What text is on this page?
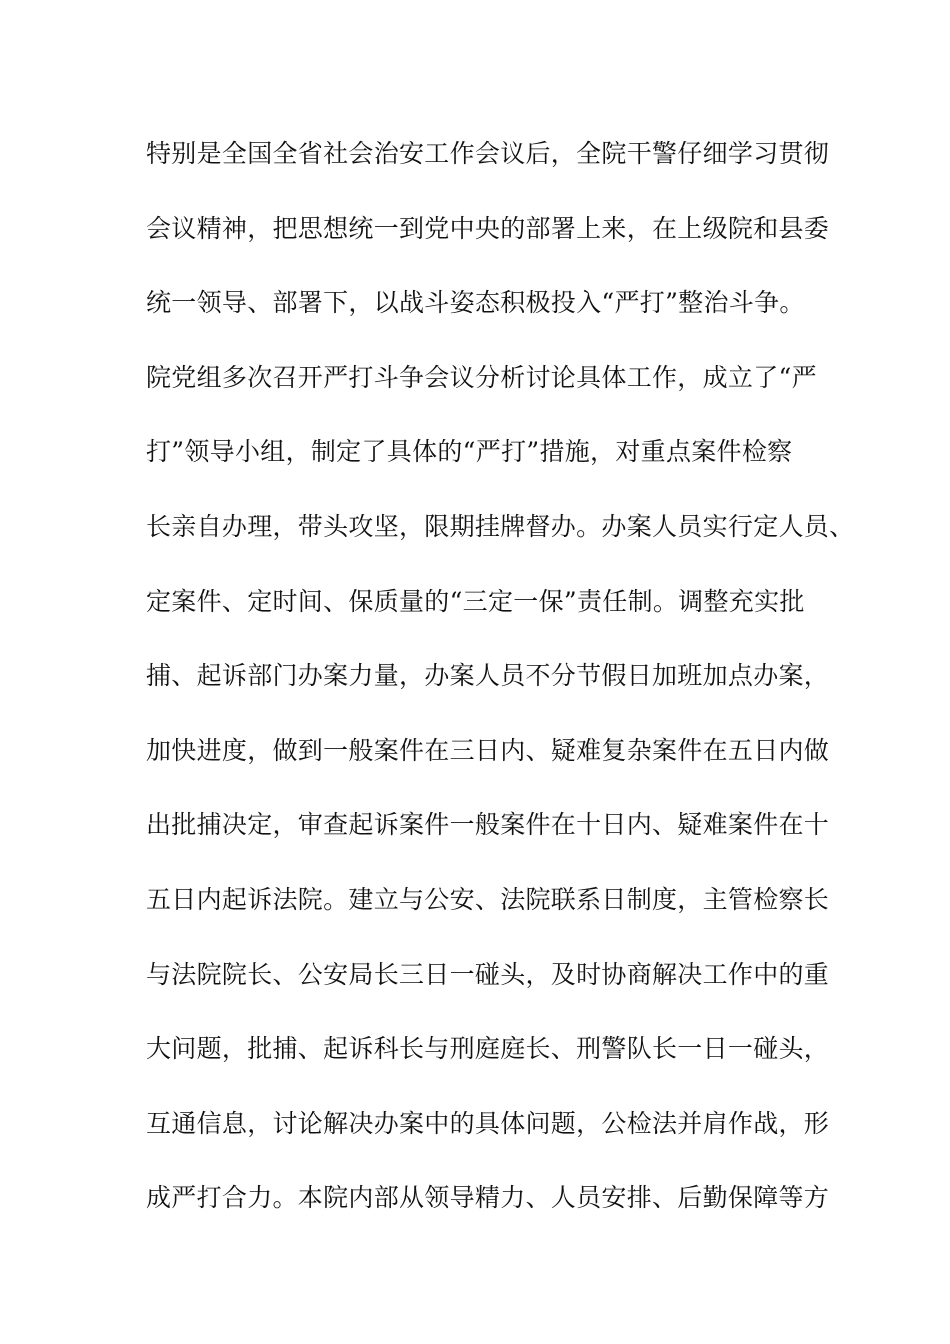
特别是全国全省社会治安工作会议后，全院干警仔细学习贯彻
会议精神，把思想统一到党中央的部署上来，在上级院和县委
统一领导、部署下，以战斗姿态积极投入“严打”整治斗争。
院党组多次召开严打斗争会议分析讨论具体工作，成立了“严
打”领导小组，制定了具体的“严打”措施，对重点案件检察
长亲自办理，带头攻坚，限期挂牌督办。办案人员实行定人员、
定案件、定时间、保质量的“三定一保”责任制。调整充实批
捕、起诉部门办案力量，办案人员不分节假日加班加点办案，
加快进度，做到一般案件在三日内、疑难复杂案件在五日内做
出批捕决定，审查起诉案件一般案件在十日内、疑难案件在十
五日内起诉法院。建立与公安、法院联系日制度，主管检察长
与法院院长、公安局长三日一碰头，及时协商解决工作中的重
大问题，批捕、起诉科长与刑庭庭长、刑警队长一日一碰头，
互通信息，讨论解决办案中的具体问题，公检法并肩作战，形
成严打合力。本院内部从领导精力、人员安排、后勤保障等方
